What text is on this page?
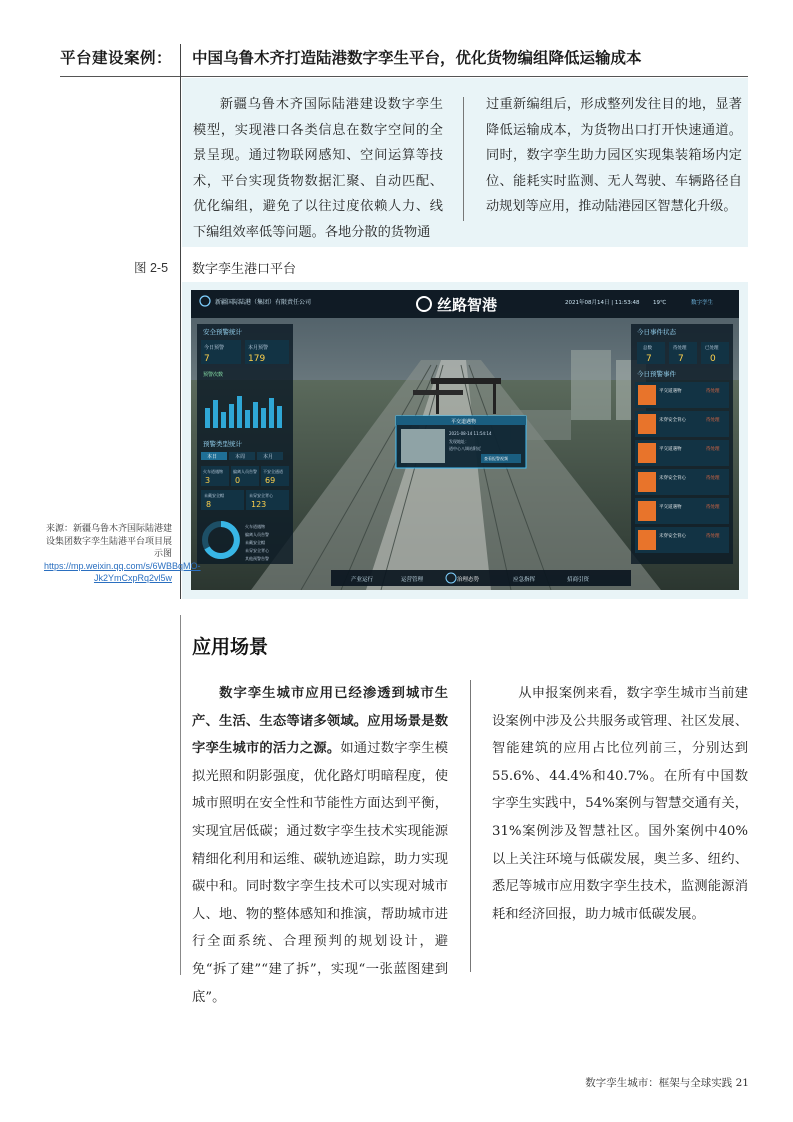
平台建设案例： 中国乌鲁木齐打造陆港数字孪生平台，优化货物编组降低运输成本
新疆乌鲁木齐国际陆港建设数字孪生模型，实现港口各类信息在数字空间的全景呈现。通过物联网感知、空间运算等技术，平台实现货物数据汇聚、自动匹配、优化编组，避免了以往过度依赖人力、线下编组效率低等问题。各地分散的货物通
过重新编组后，形成整列发往目的地，显著降低运输成本，为货物出口打开快速通道。同时，数字孪生助力园区实现集装箱场内定位、能耗实时监测、无人驾驶、车辆路径自动规划等应用，推动陆港园区智慧化升级。
图 2-5 数字孪生港口平台
新疆国际陆港（集团）有限责任公司	丝路智港	2021年08月14日 | 11:53:48 19℃	数字孪生
安全预警统计
今日预警
7
本月预警
179
预警次数
预警类型统计
本日	本周	本月
火车道遇物
3
偏离人员告警
0
不安全通道
69
未戴安全帽
8
未穿安全背心
123
火车道遇物
偏离人员告警
未戴安全帽
未穿安全背心
其他预警告警
平交道遇物
2021-08-14 11:54:14
发现地址：
道中心八调站附近
查看报警视频
今日事件状态
总数
7
待处理
7
已处理
0
今日预警事件
平交道遇物	待处理
未穿安全背心	待处理
平交道遇物	待处理
未穿安全背心	待处理
平交道遇物	待处理
未穿安全背心	待处理
产业运行	运营管理	治理态势	应急指挥	招商引资
来源：新疆乌鲁木齐国际陆港建设集团数字孪生陆港平台项目展示图 https://mp.weixin.qq.com/s/6WBBqMO-Jk2YmCxpRq2vl5w
应用场景
数字孪生城市应用已经渗透到城市生产、生活、生态等诸多领域。应用场景是数字孪生城市的活力之源。如通过数字孪生模拟光照和阴影强度，优化路灯明暗程度，使城市照明在安全性和节能性方面达到平衡，实现宜居低碳；通过数字孪生技术实现能源精细化利用和运维、碳轨迹追踪，助力实现碳中和。同时数字孪生技术可以实现对城市人、地、物的整体感知和推演，帮助城市进行全面系统、合理预判的规划设计，避免“拆了建”“建了拆”，实现“一张蓝图建到底”。
从申报案例来看，数字孪生城市当前建设案例中涉及公共服务或管理、社区发展、智能建筑的应用占比位列前三，分别达到55.6%、44.4%和40.7%。在所有中国数字孪生实践中，54%案例与智慧交通有关，31%案例涉及智慧社区。国外案例中40%以上关注环境与低碳发展，奥兰多、纽约、悉尼等城市应用数字孪生技术，监测能源消耗和经济回报，助力城市低碳发展。
数字孪生城市：框架与全球实践 21
